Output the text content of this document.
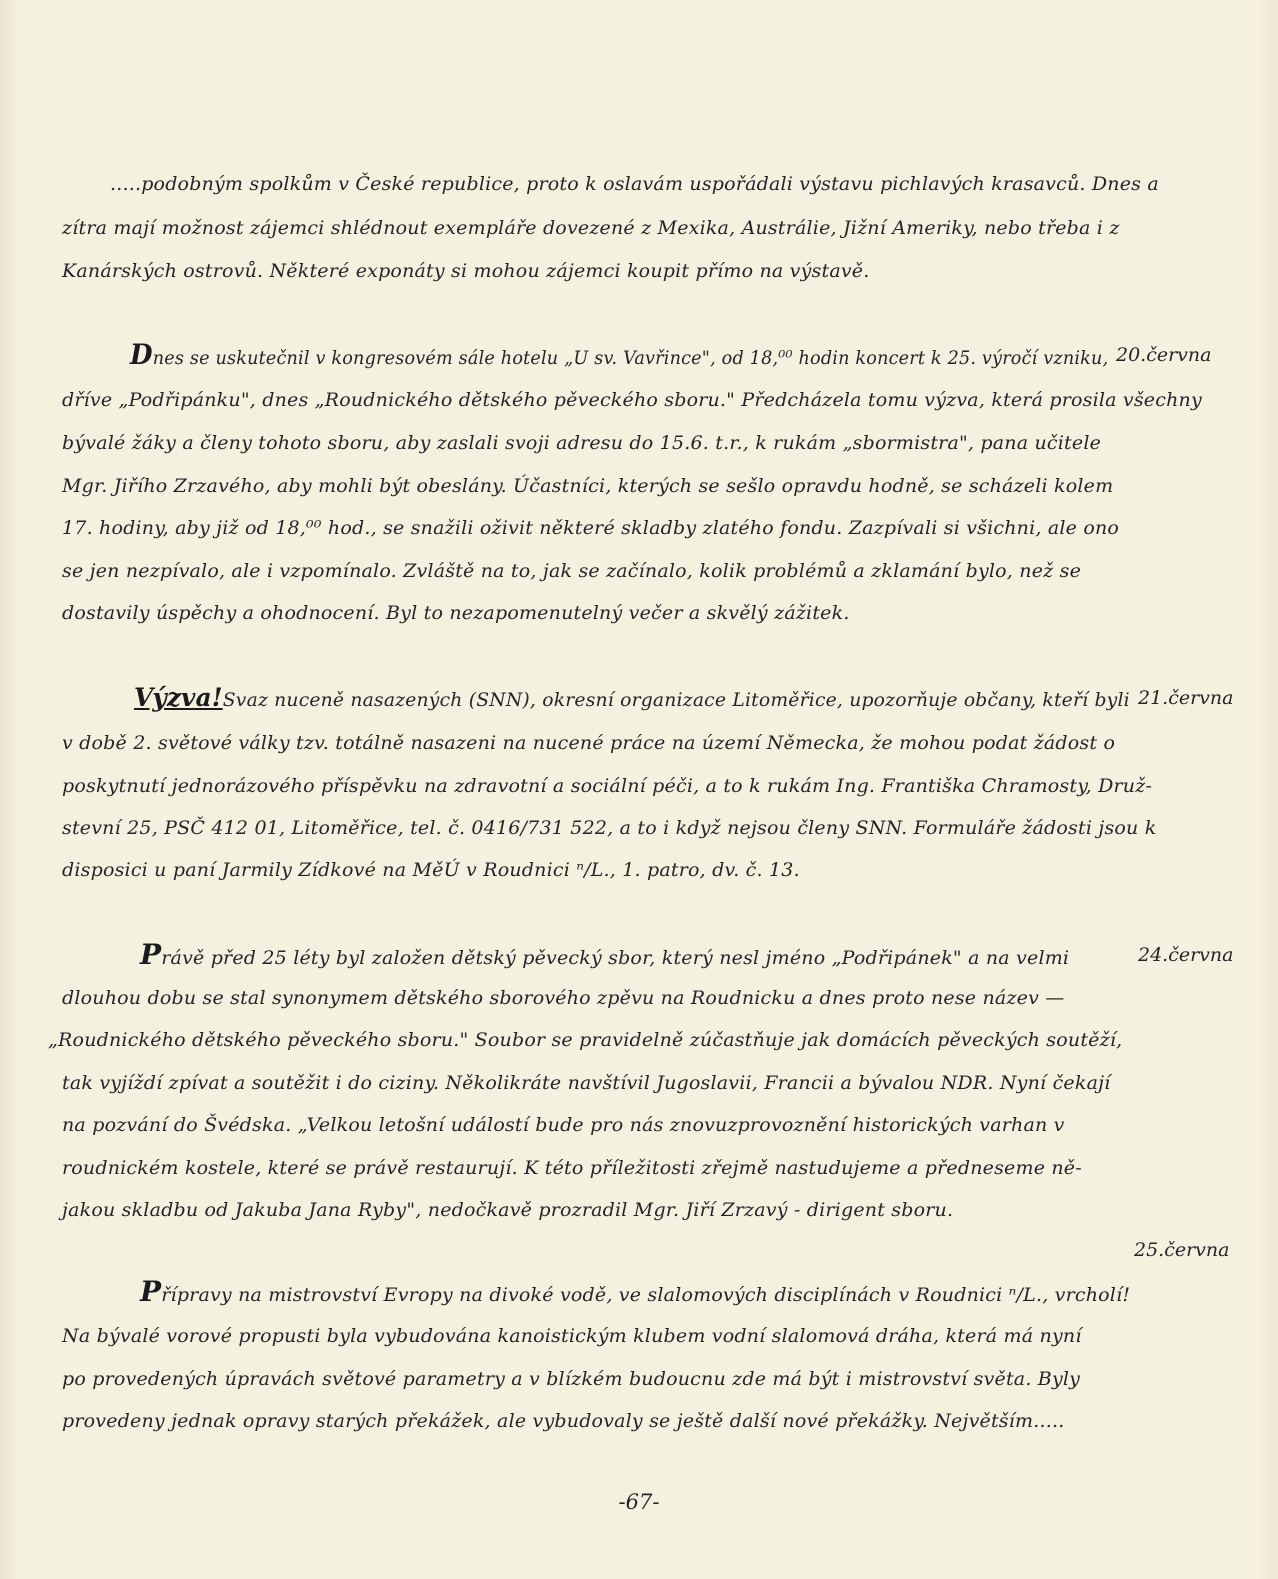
.....podobným spolkům v České republice, proto k oslavám uspořádali výstavu pichlavých krasavců. Dnes a
zítra mají možnost zájemci shlédnout exempláře dovezené z Mexika, Austrálie, Jižní Ameriky, nebo třeba i z
Kanárských ostrovů. Některé exponáty si mohou zájemci koupit přímo na výstavě.
20.června
Dnes se uskutečnil v kongresovém sále hotelu „U sv. Vavřince", od 18,⁰⁰ hodin koncert k 25. výročí vzniku,
dříve „Podřipánku", dnes „Roudnického dětského pěveckého sboru." Předcházela tomu výzva, která prosila všechny
bývalé žáky a členy tohoto sboru, aby zaslali svoji adresu do 15.6. t.r., k rukám „sbormistra", pana učitele
Mgr. Jiřího Zrzavého, aby mohli být obeslány. Účastníci, kterých se sešlo opravdu hodně, se scházeli kolem
17. hodiny, aby již od 18,⁰⁰ hod., se snažili oživit některé skladby zlatého fondu. Zazpívali si všichni, ale ono
se jen nezpívalo, ale i vzpomínalo. Zvláště na to, jak se začínalo, kolik problémů a zklamání bylo, než se
dostavily úspěchy a ohodnocení. Byl to nezapomenutelný večer a skvělý zážitek.
21.června
Výzva!Svaz nuceně nasazených (SNN), okresní organizace Litoměřice, upozorňuje občany, kteří byli
v době 2. světové války tzv. totálně nasazeni na nucené práce na území Německa, že mohou podat žádost o
poskytnutí jednorázového příspěvku na zdravotní a sociální péči, a to k rukám Ing. Františka Chramosty, Druž-
stevní 25, PSČ 412 01, Litoměřice, tel. č. 0416/731 522, a to i když nejsou členy SNN. Formuláře žádosti jsou k
disposici u paní Jarmily Zídkové na MěÚ v Roudnici ⁿ/L., 1. patro, dv. č. 13.
24.června
Právě před 25 léty byl založen dětský pěvecký sbor, který nesl jméno „Podřipánek" a na velmi
dlouhou dobu se stal synonymem dětského sborového zpěvu na Roudnicku a dnes proto nese název —
„Roudnického dětského pěveckého sboru." Soubor se pravidelně zúčastňuje jak domácích pěveckých soutěží,
tak vyjíždí zpívat a soutěžit i do ciziny. Několikráte navštívil Jugoslavii, Francii a bývalou NDR. Nyní čekají
na pozvání do Švédska. „Velkou letošní událostí bude pro nás znovuzprovoznění historických varhan v
roudnickém kostele, které se právě restaurují. K této příležitosti zřejmě nastudujeme a předneseme ně-
jakou skladbu od Jakuba Jana Ryby", nedočkavě prozradil Mgr. Jiří Zrzavý - dirigent sboru.
25.června
Přípravy na mistrovství Evropy na divoké vodě, ve slalomových disciplínách v Roudnici ⁿ/L., vrcholí!
Na bývalé vorové propusti byla vybudována kanoistickým klubem vodní slalomová dráha, která má nyní
po provedených úpravách světové parametry a v blízkém budoucnu zde má být i mistrovství světa. Byly
provedeny jednak opravy starých překážek, ale vybudovaly se ještě další nové překážky. Největším.....
-67-
